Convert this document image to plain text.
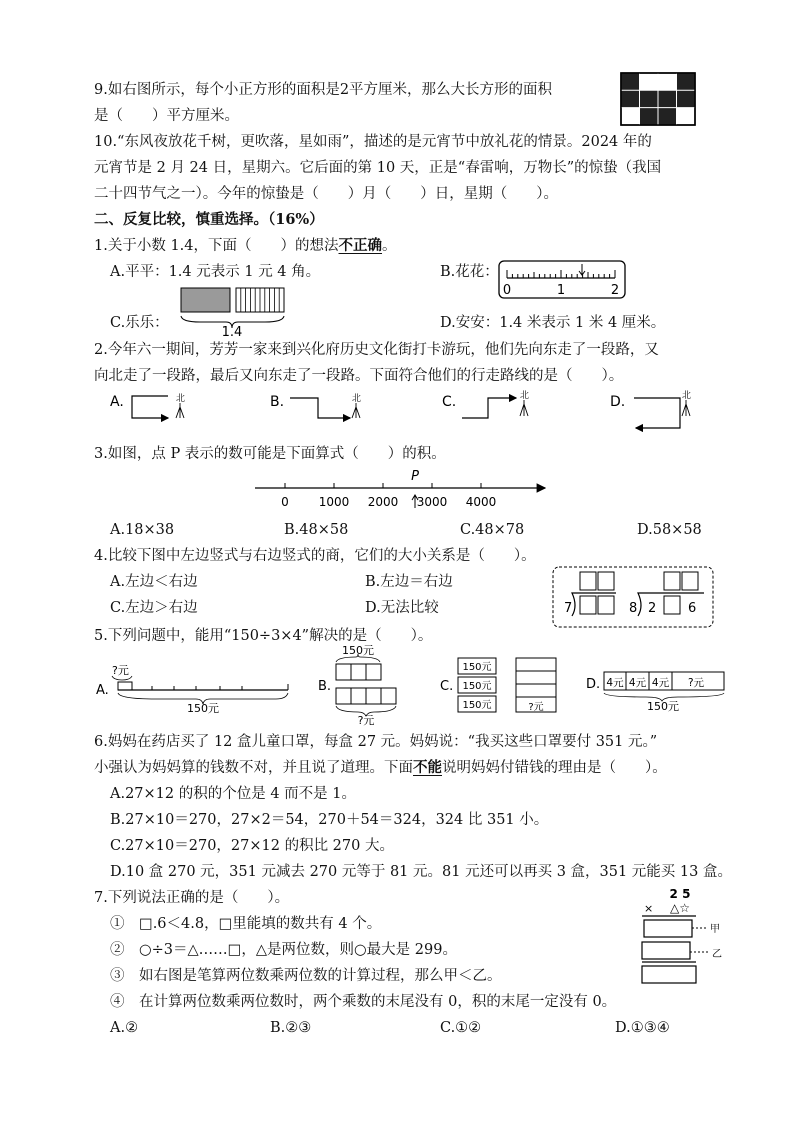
9.如右图所示，每个小正方形的面积是2平方厘米，那么大长方形的面积
是（　　）平方厘米。
10.“东风夜放花千树，更吹落，星如雨”，描述的是元宵节中放礼花的情景。2024 年的
元宵节是 2 月 24 日，星期六。它后面的第 10 天，正是“春雷响，万物长”的惊蛰（我国
二十四节气之一）。今年的惊蛰是（　　）月（　　）日，星期（　　）。
二、反复比较，慎重选择。（16%）
1.关于小数 1.4，下面（　　）的想法不正确。
A.平平：1.4 元表示 1 元 4 角。	B.花花：
0	1	2
C.乐乐：
1.4
D.安安：1.4 米表示 1 米 4 厘米。
2.今年六一期间，芳芳一家来到兴化府历史文化街打卡游玩，他们先向东走了一段路，又
向北走了一段路，最后又向东走了一段路。下面符合他们的行走路线的是（　　）。
A.	北	B.	北	C.	北	D.	北
3.如图，点 P 表示的数可能是下面算式（　　）的积。
0 1000 2000 3000 4000
P
A.18×38	B.48×58	C.48×78	D.58×58
4.比较下图中左边竖式与右边竖式的商，它们的大小关系是（　　）。
A.左边＜右边	B.左边＝右边
C.左边＞右边	D.无法比较	7	8 2 6
5.下列问题中，能用“150÷3×4”解决的是（　　）。
A.
?元
150元
B.
150元
?元
C.
150元
150元
150元	?元
D. 4元 4元 4元 ?元
150元
6.妈妈在药店买了 12 盒儿童口罩，每盒 27 元。妈妈说：“我买这些口罩要付 351 元。”
小强认为妈妈算的钱数不对，并且说了道理。下面不能说明妈妈付错钱的理由是（　　）。
A.27×12 的积的个位是 4 而不是 1。
B.27×10＝270，27×2＝54，270＋54＝324，324 比 351 小。
C.27×10＝270，27×12 的积比 270 大。
D.10 盒 270 元，351 元减去 270 元等于 81 元。81 元还可以再买 3 盒，351 元能买 13 盒。
7.下列说法正确的是（　　）。
①　□.6＜4.8，□里能填的数共有 4 个。
②　○÷3＝△……□，△是两位数，则○最大是 299。
③　如右图是笔算两位数乘两位数的计算过程，那么甲＜乙。
④　在计算两位数乘两位数时，两个乘数的末尾没有 0，积的末尾一定没有 0。
A.②	B.②③	C.①②	D.①③④
2 5
× △☆
甲
乙
